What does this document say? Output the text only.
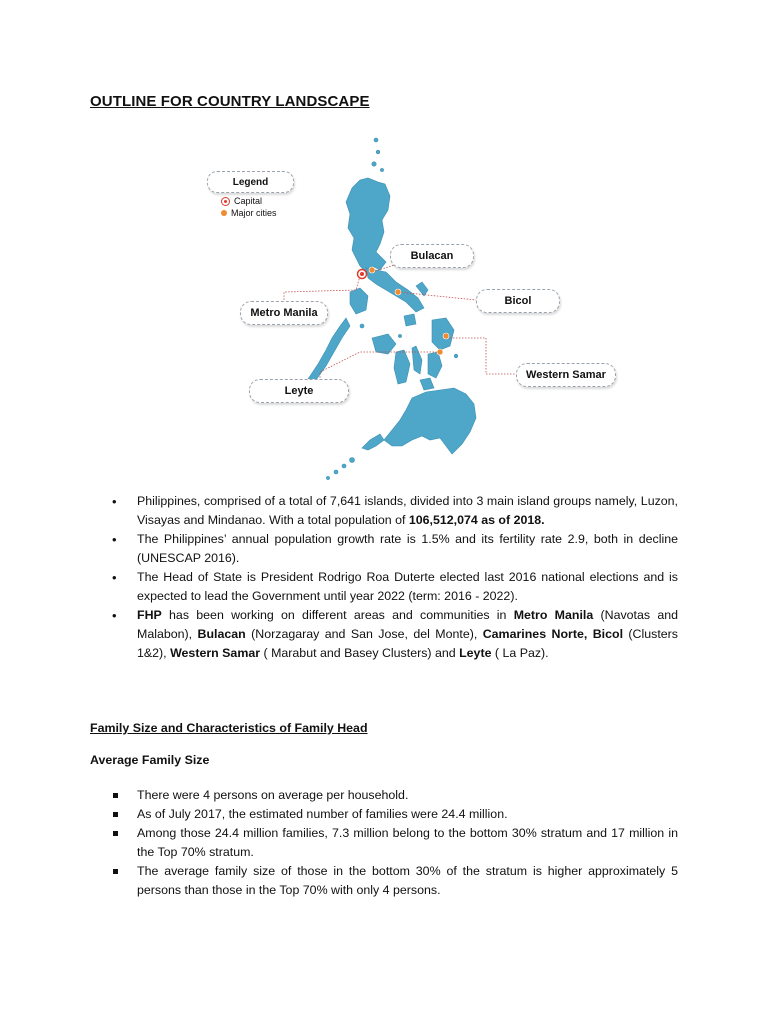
OUTLINE FOR COUNTRY LANDSCAPE
Legend
Capital
Major cities
Bulacan
Bicol
Metro Manila
Western Samar
Leyte
• Philippines, comprised of a total of 7,641 islands, divided into 3 main island groups namely, Luzon, Visayas and Mindanao. With a total population of 106,512,074 as of 2018.
• The Philippines’ annual population growth rate is 1.5% and its fertility rate 2.9, both in decline (UNESCAP 2016).
• The Head of State is President Rodrigo Roa Duterte elected last 2016 national elections and is expected to lead the Government until year 2022 (term: 2016 - 2022).
• FHP has been working on different areas and communities in Metro Manila (Navotas and Malabon), Bulacan (Norzagaray and San Jose, del Monte), Camarines Norte, Bicol (Clusters 1&2), Western Samar ( Marabut and Basey Clusters) and Leyte ( La Paz).
Family Size and Characteristics of Family Head
Average Family Size
There were 4 persons on average per household.
As of July 2017, the estimated number of families were 24.4 million.
Among those 24.4 million families, 7.3 million belong to the bottom 30% stratum and 17 million in the Top 70% stratum.
The average family size of those in the bottom 30% of the stratum is higher approximately 5 persons than those in the Top 70% with only 4 persons.
